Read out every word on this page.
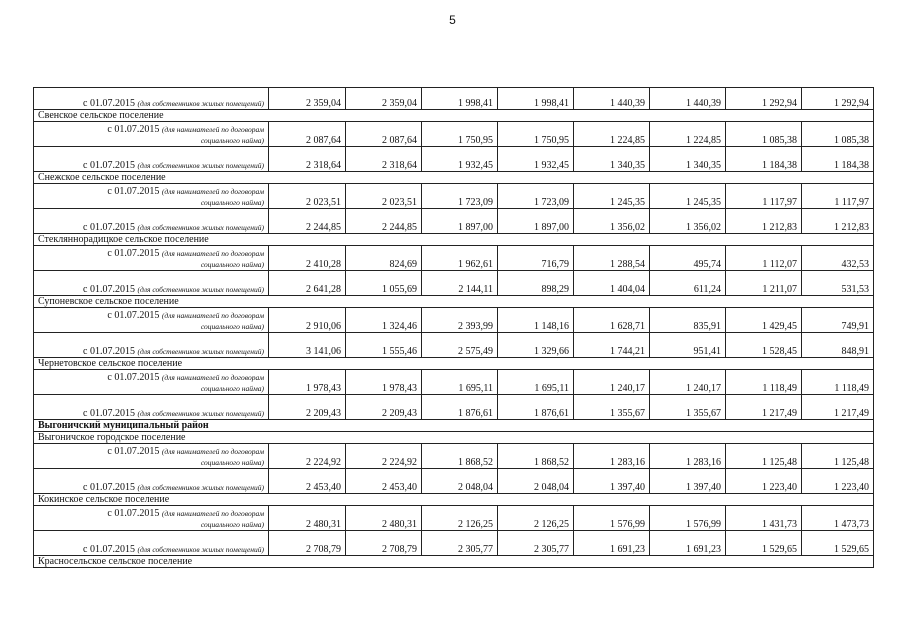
5
с 01.07.2015 (для собственников жилых помещений)	2 359,04	2 359,04	1 998,41	1 998,41	1 440,39	1 440,39	1 292,94	1 292,94
Свенское сельское поселение								

с 01.07.2015 (для нанимателей по договорам
социального найма)	2 087,64	2 087,64	1 750,95	1 750,95	1 224,85	1 224,85	1 085,38	1 085,38

с 01.07.2015 (для собственников жилых помещений)	2 318,64	2 318,64	1 932,45	1 932,45	1 340,35	1 340,35	1 184,38	1 184,38
Снежское сельское поселение								

с 01.07.2015 (для нанимателей по договорам
социального найма)	2 023,51	2 023,51	1 723,09	1 723,09	1 245,35	1 245,35	1 117,97	1 117,97

с 01.07.2015 (для собственников жилых помещений)	2 244,85	2 244,85	1 897,00	1 897,00	1 356,02	1 356,02	1 212,83	1 212,83
Стекляннорадицкое сельское поселение								

с 01.07.2015 (для нанимателей по договорам
социального найма)	2 410,28	824,69	1 962,61	716,79	1 288,54	495,74	1 112,07	432,53

с 01.07.2015 (для собственников жилых помещений)	2 641,28	1 055,69	2 144,11	898,29	1 404,04	611,24	1 211,07	531,53
Супоневское сельское поселение								

с 01.07.2015 (для нанимателей по договорам
социального найма)	2 910,06	1 324,46	2 393,99	1 148,16	1 628,71	835,91	1 429,45	749,91

с 01.07.2015 (для собственников жилых помещений)	3 141,06	1 555,46	2 575,49	1 329,66	1 744,21	951,41	1 528,45	848,91
Чернетовское сельское поселение								

с 01.07.2015 (для нанимателей по договорам
социального найма)	1 978,43	1 978,43	1 695,11	1 695,11	1 240,17	1 240,17	1 118,49	1 118,49

с 01.07.2015 (для собственников жилых помещений)	2 209,43	2 209,43	1 876,61	1 876,61	1 355,67	1 355,67	1 217,49	1 217,49
Выгоничский муниципальный район								
Выгоничское городское поселение								

с 01.07.2015 (для нанимателей по договорам
социального найма)	2 224,92	2 224,92	1 868,52	1 868,52	1 283,16	1 283,16	1 125,48	1 125,48

с 01.07.2015 (для собственников жилых помещений)	2 453,40	2 453,40	2 048,04	2 048,04	1 397,40	1 397,40	1 223,40	1 223,40
Кокинское сельское поселение								

с 01.07.2015 (для нанимателей по договорам
социального найма)	2 480,31	2 480,31	2 126,25	2 126,25	1 576,99	1 576,99	1 431,73	1 473,73

с 01.07.2015 (для собственников жилых помещений)	2 708,79	2 708,79	2 305,77	2 305,77	1 691,23	1 691,23	1 529,65	1 529,65
Красносельское сельское поселение								
